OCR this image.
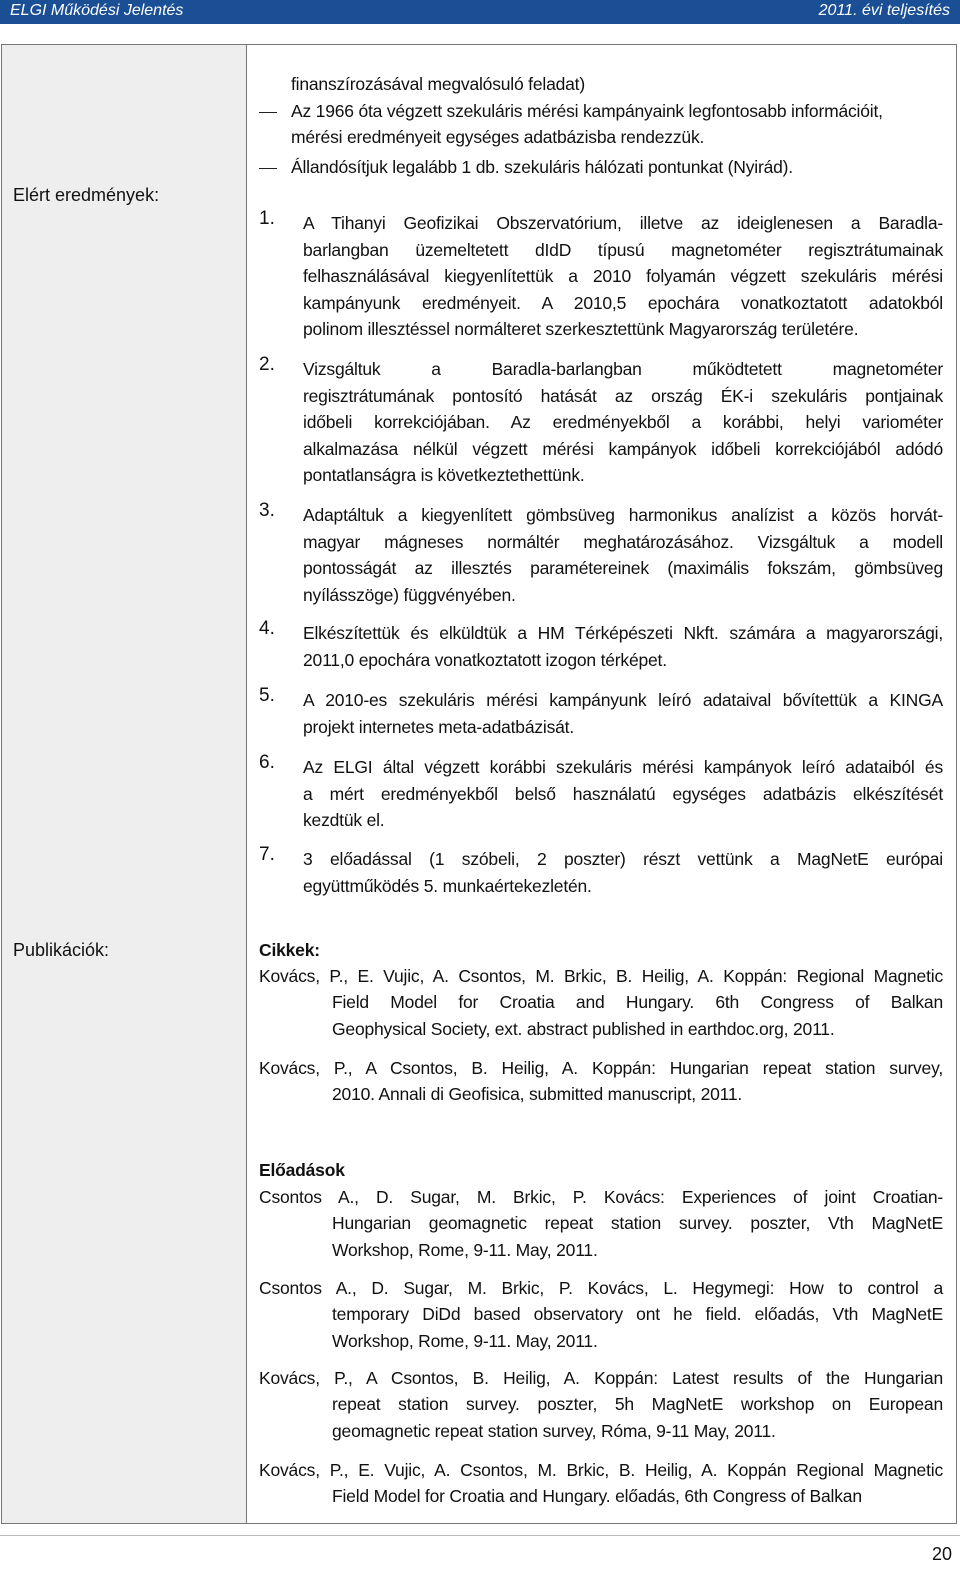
ELGI Működési Jelentés	2011. évi teljesítés
Elért eredmények:
Publikációk:
finanszírozásával megvalósuló feladat)
Az 1966 óta végzett szekuláris mérési kampányaink legfontosabb információit,
mérési eredményeit egységes adatbázisba rendezzük.
Állandósítjuk legalább 1 db. szekuláris hálózati pontunkat (Nyirád).
1. A Tihanyi Geofizikai Obszervatórium, illetve az ideiglenesen a Baradla-
barlangban üzemeltetett dIdD típusú magnetométer regisztrátumainak
felhasználásával kiegyenlítettük a 2010 folyamán végzett szekuláris mérési
kampányunk eredményeit. A 2010,5 epochára vonatkoztatott adatokból
polinom illesztéssel normálteret szerkesztettünk Magyarország területére.
2. Vizsgáltuk a Baradla-barlangban működtetett magnetométer
regisztrátumának pontosító hatását az ország ÉK-i szekuláris pontjainak
időbeli korrekciójában. Az eredményekből a korábbi, helyi variométer
alkalmazása nélkül végzett mérési kampányok időbeli korrekciójából adódó
pontatlanságra is következtethettünk.
3. Adaptáltuk a kiegyenlített gömbsüveg harmonikus analízist a közös horvát-
magyar mágneses normáltér meghatározásához. Vizsgáltuk a modell
pontosságát az illesztés paramétereinek (maximális fokszám, gömbsüveg
nyílásszöge) függvényében.
4. Elkészítettük és elküldtük a HM Térképészeti Nkft. számára a magyarországi,
2011,0 epochára vonatkoztatott izogon térképet.
5. A 2010-es szekuláris mérési kampányunk leíró adataival bővítettük a KINGA
projekt internetes meta-adatbázisát.
6. Az ELGI által végzett korábbi szekuláris mérési kampányok leíró adataiból és
a mért eredményekből belső használatú egységes adatbázis elkészítését
kezdtük el.
7. 3 előadással (1 szóbeli, 2 poszter) részt vettünk a MagNetE európai
együttműködés 5. munkaértekezletén.
Cikkek:
Kovács, P., E. Vujic, A. Csontos, M. Brkic, B. Heilig, A. Koppán: Regional Magnetic
Field Model for Croatia and Hungary. 6th Congress of Balkan
Geophysical Society, ext. abstract published in earthdoc.org, 2011.
Kovács, P., A Csontos, B. Heilig, A. Koppán: Hungarian repeat station survey,
2010. Annali di Geofisica, submitted manuscript, 2011.
Előadások
Csontos A., D. Sugar, M. Brkic, P. Kovács: Experiences of joint Croatian-
Hungarian geomagnetic repeat station survey. poszter, Vth MagNetE
Workshop, Rome, 9-11. May, 2011.
Csontos A., D. Sugar, M. Brkic, P. Kovács, L. Hegymegi: How to control a
temporary DiDd based observatory ont he field. előadás, Vth MagNetE
Workshop, Rome, 9-11. May, 2011.
Kovács, P., A Csontos, B. Heilig, A. Koppán: Latest results of the Hungarian
repeat station survey. poszter, 5h MagNetE workshop on European
geomagnetic repeat station survey, Róma, 9-11 May, 2011.
Kovács, P., E. Vujic, A. Csontos, M. Brkic, B. Heilig, A. Koppán Regional Magnetic
Field Model for Croatia and Hungary. előadás, 6th Congress of Balkan
20
